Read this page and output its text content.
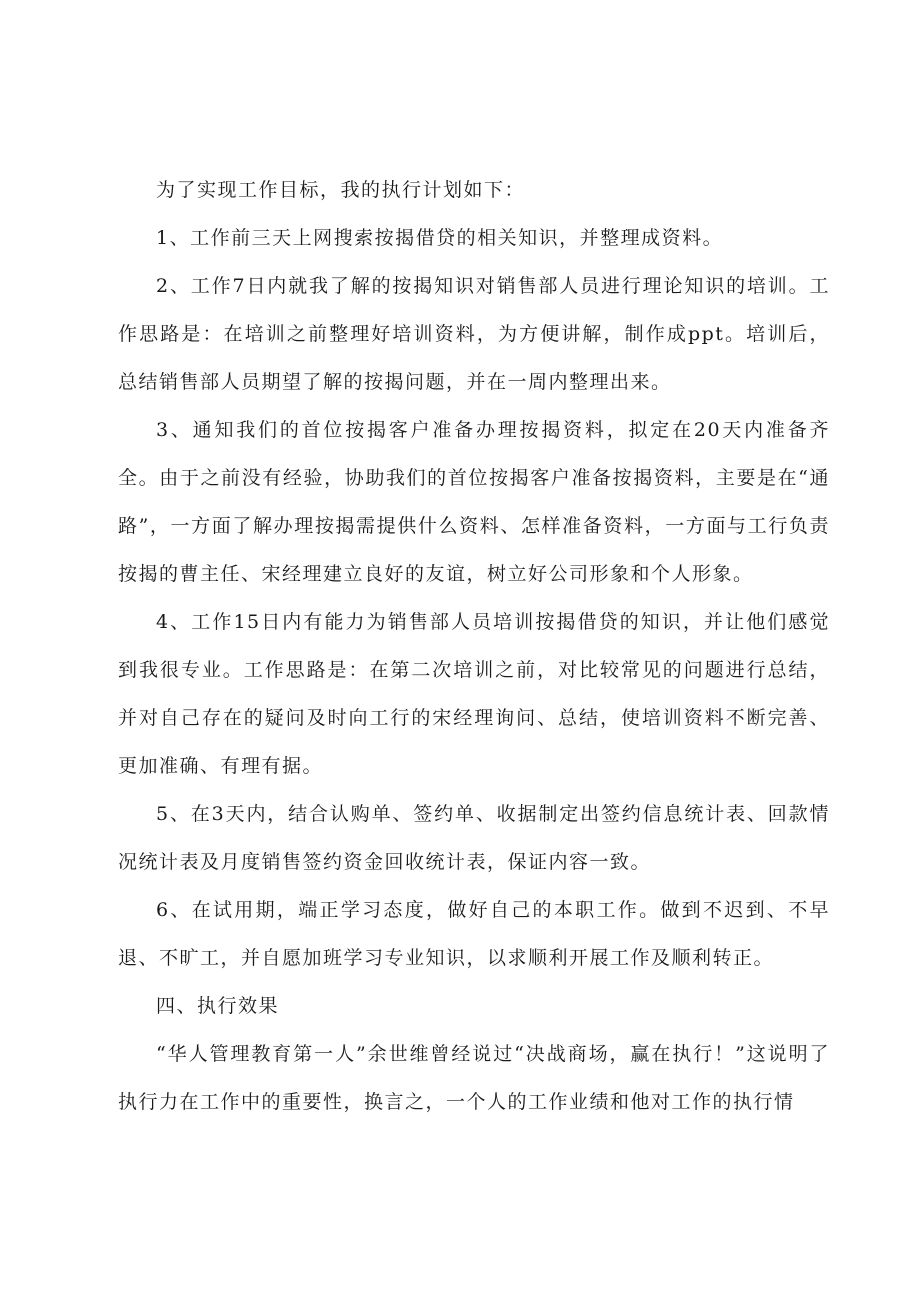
为了实现工作目标，我的执行计划如下：

1、工作前三天上网搜索按揭借贷的相关知识，并整理成资料。

2、工作7日内就我了解的按揭知识对销售部人员进行理论知识的培训。工作思路是：在培训之前整理好培训资料，为方便讲解，制作成ppt。培训后，总结销售部人员期望了解的按揭问题，并在一周内整理出来。

3、通知我们的首位按揭客户准备办理按揭资料，拟定在20天内准备齐全。由于之前没有经验，协助我们的首位按揭客户准备按揭资料，主要是在“通路”，一方面了解办理按揭需提供什么资料、怎样准备资料，一方面与工行负责按揭的曹主任、宋经理建立良好的友谊，树立好公司形象和个人形象。

4、工作15日内有能力为销售部人员培训按揭借贷的知识，并让他们感觉到我很专业。工作思路是：在第二次培训之前，对比较常见的问题进行总结，并对自己存在的疑问及时向工行的宋经理询问、总结，使培训资料不断完善、更加准确、有理有据。

5、在3天内，结合认购单、签约单、收据制定出签约信息统计表、回款情况统计表及月度销售签约资金回收统计表，保证内容一致。

6、在试用期，端正学习态度，做好自己的本职工作。做到不迟到、不早退、不旷工，并自愿加班学习专业知识，以求顺利开展工作及顺利转正。

四、执行效果

“华人管理教育第一人”余世维曾经说过“决战商场，赢在执行！”这说明了执行力在工作中的重要性，换言之，一个人的工作业绩和他对工作的执行情
